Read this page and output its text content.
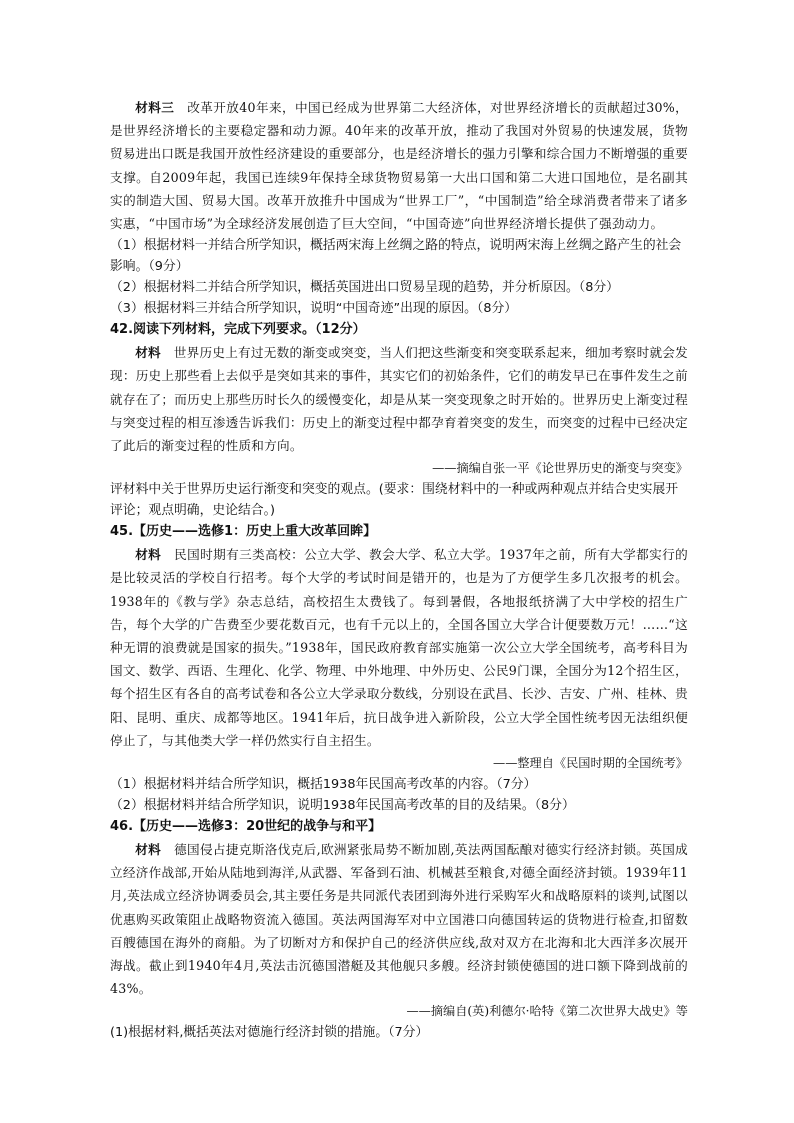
材料三  改革开放40年来，中国已经成为世界第二大经济体，对世界经济增长的贡献超过30%，是世界经济增长的主要稳定器和动力源。40年来的改革开放，推动了我国对外贸易的快速发展，货物贸易进出口既是我国开放性经济建设的重要部分，也是经济增长的强力引擎和综合国力不断增强的重要支撑。自2009年起，我国已连续9年保持全球货物贸易第一大出口国和第二大进口国地位，是名副其实的制造大国、贸易大国。改革开放推升中国成为“世界工厂”，“中国制造”给全球消费者带来了诸多实惠，“中国市场”为全球经济发展创造了巨大空间，“中国奇迹”向世界经济增长提供了强劲动力。

（1）根据材料一并结合所学知识，概括两宋海上丝绸之路的特点，说明两宋海上丝绸之路产生的社会影响。（9分）

（2）根据材料二并结合所学知识，概括英国进出口贸易呈现的趋势，并分析原因。（8分）

（3）根据材料三并结合所学知识，说明“中国奇迹”出现的原因。（8分）

42.阅读下列材料，完成下列要求。（12分）

材料  世界历史上有过无数的渐变或突变，当人们把这些渐变和突变联系起来，细加考察时就会发现：历史上那些看上去似乎是突如其来的事件，其实它们的初始条件，它们的萌发早已在事件发生之前就存在了；而历史上那些历时长久的缓慢变化，却是从某一突变现象之时开始的。世界历史上渐变过程与突变过程的相互渗透告诉我们：历史上的渐变过程中都孕育着突变的发生，而突变的过程中已经决定了此后的渐变过程的性质和方向。

——摘编自张一平《论世界历史的渐变与突变》

评材料中关于世界历史运行渐变和突变的观点。(要求：围绕材料中的一种或两种观点并结合史实展开评论；观点明确，史论结合。)

45.【历史——选修1：历史上重大改革回眸】

材料  民国时期有三类高校：公立大学、教会大学、私立大学。1937年之前，所有大学都实行的是比较灵活的学校自行招考。每个大学的考试时间是错开的，也是为了方便学生多几次报考的机会。1938年的《教与学》杂志总结，高校招生太费钱了。每到暑假，各地报纸挤满了大中学校的招生广告，每个大学的广告费至少要花数百元，也有千元以上的，全国各国立大学合计便要数万元！……“这种无谓的浪费就是国家的损失。”1938年，国民政府教育部实施第一次公立大学全国统考，高考科目为国文、数学、西语、生理化、化学、物理、中外地理、中外历史、公民9门课，全国分为12个招生区，每个招生区有各自的高考试卷和各公立大学录取分数线，分别设在武昌、长沙、吉安、广州、桂林、贵阳、昆明、重庆、成都等地区。1941年后，抗日战争进入新阶段，公立大学全国性统考因无法组织便停止了，与其他类大学一样仍然实行自主招生。

——整理自《民国时期的全国统考》

（1）根据材料并结合所学知识，概括1938年民国高考改革的内容。（7分）

（2）根据材料并结合所学知识，说明1938年民国高考改革的目的及结果。（8分）

46.【历史——选修3：20世纪的战争与和平】

材料  德国侵占捷克斯洛伐克后,欧洲紧张局势不断加剧,英法两国酝酿对德实行经济封锁。英国成立经济作战部,开始从陆地到海洋,从武器、军备到石油、机械甚至粮食,对德全面经济封锁。1939年11月,英法成立经济协调委员会,其主要任务是共同派代表团到海外进行采购军火和战略原料的谈判,试图以优惠购买政策阻止战略物资流入德国。英法两国海军对中立国港口向德国转运的货物进行检查,扣留数百艘德国在海外的商船。为了切断对方和保护自己的经济供应线,敌对双方在北海和北大西洋多次展开海战。截止到1940年4月,英法击沉德国潜艇及其他舰只多艘。经济封锁使德国的进口额下降到战前的43%。

——摘编自(英)利德尔·哈特《第二次世界大战史》等

(1)根据材料,概括英法对德施行经济封锁的措施。（7分）
